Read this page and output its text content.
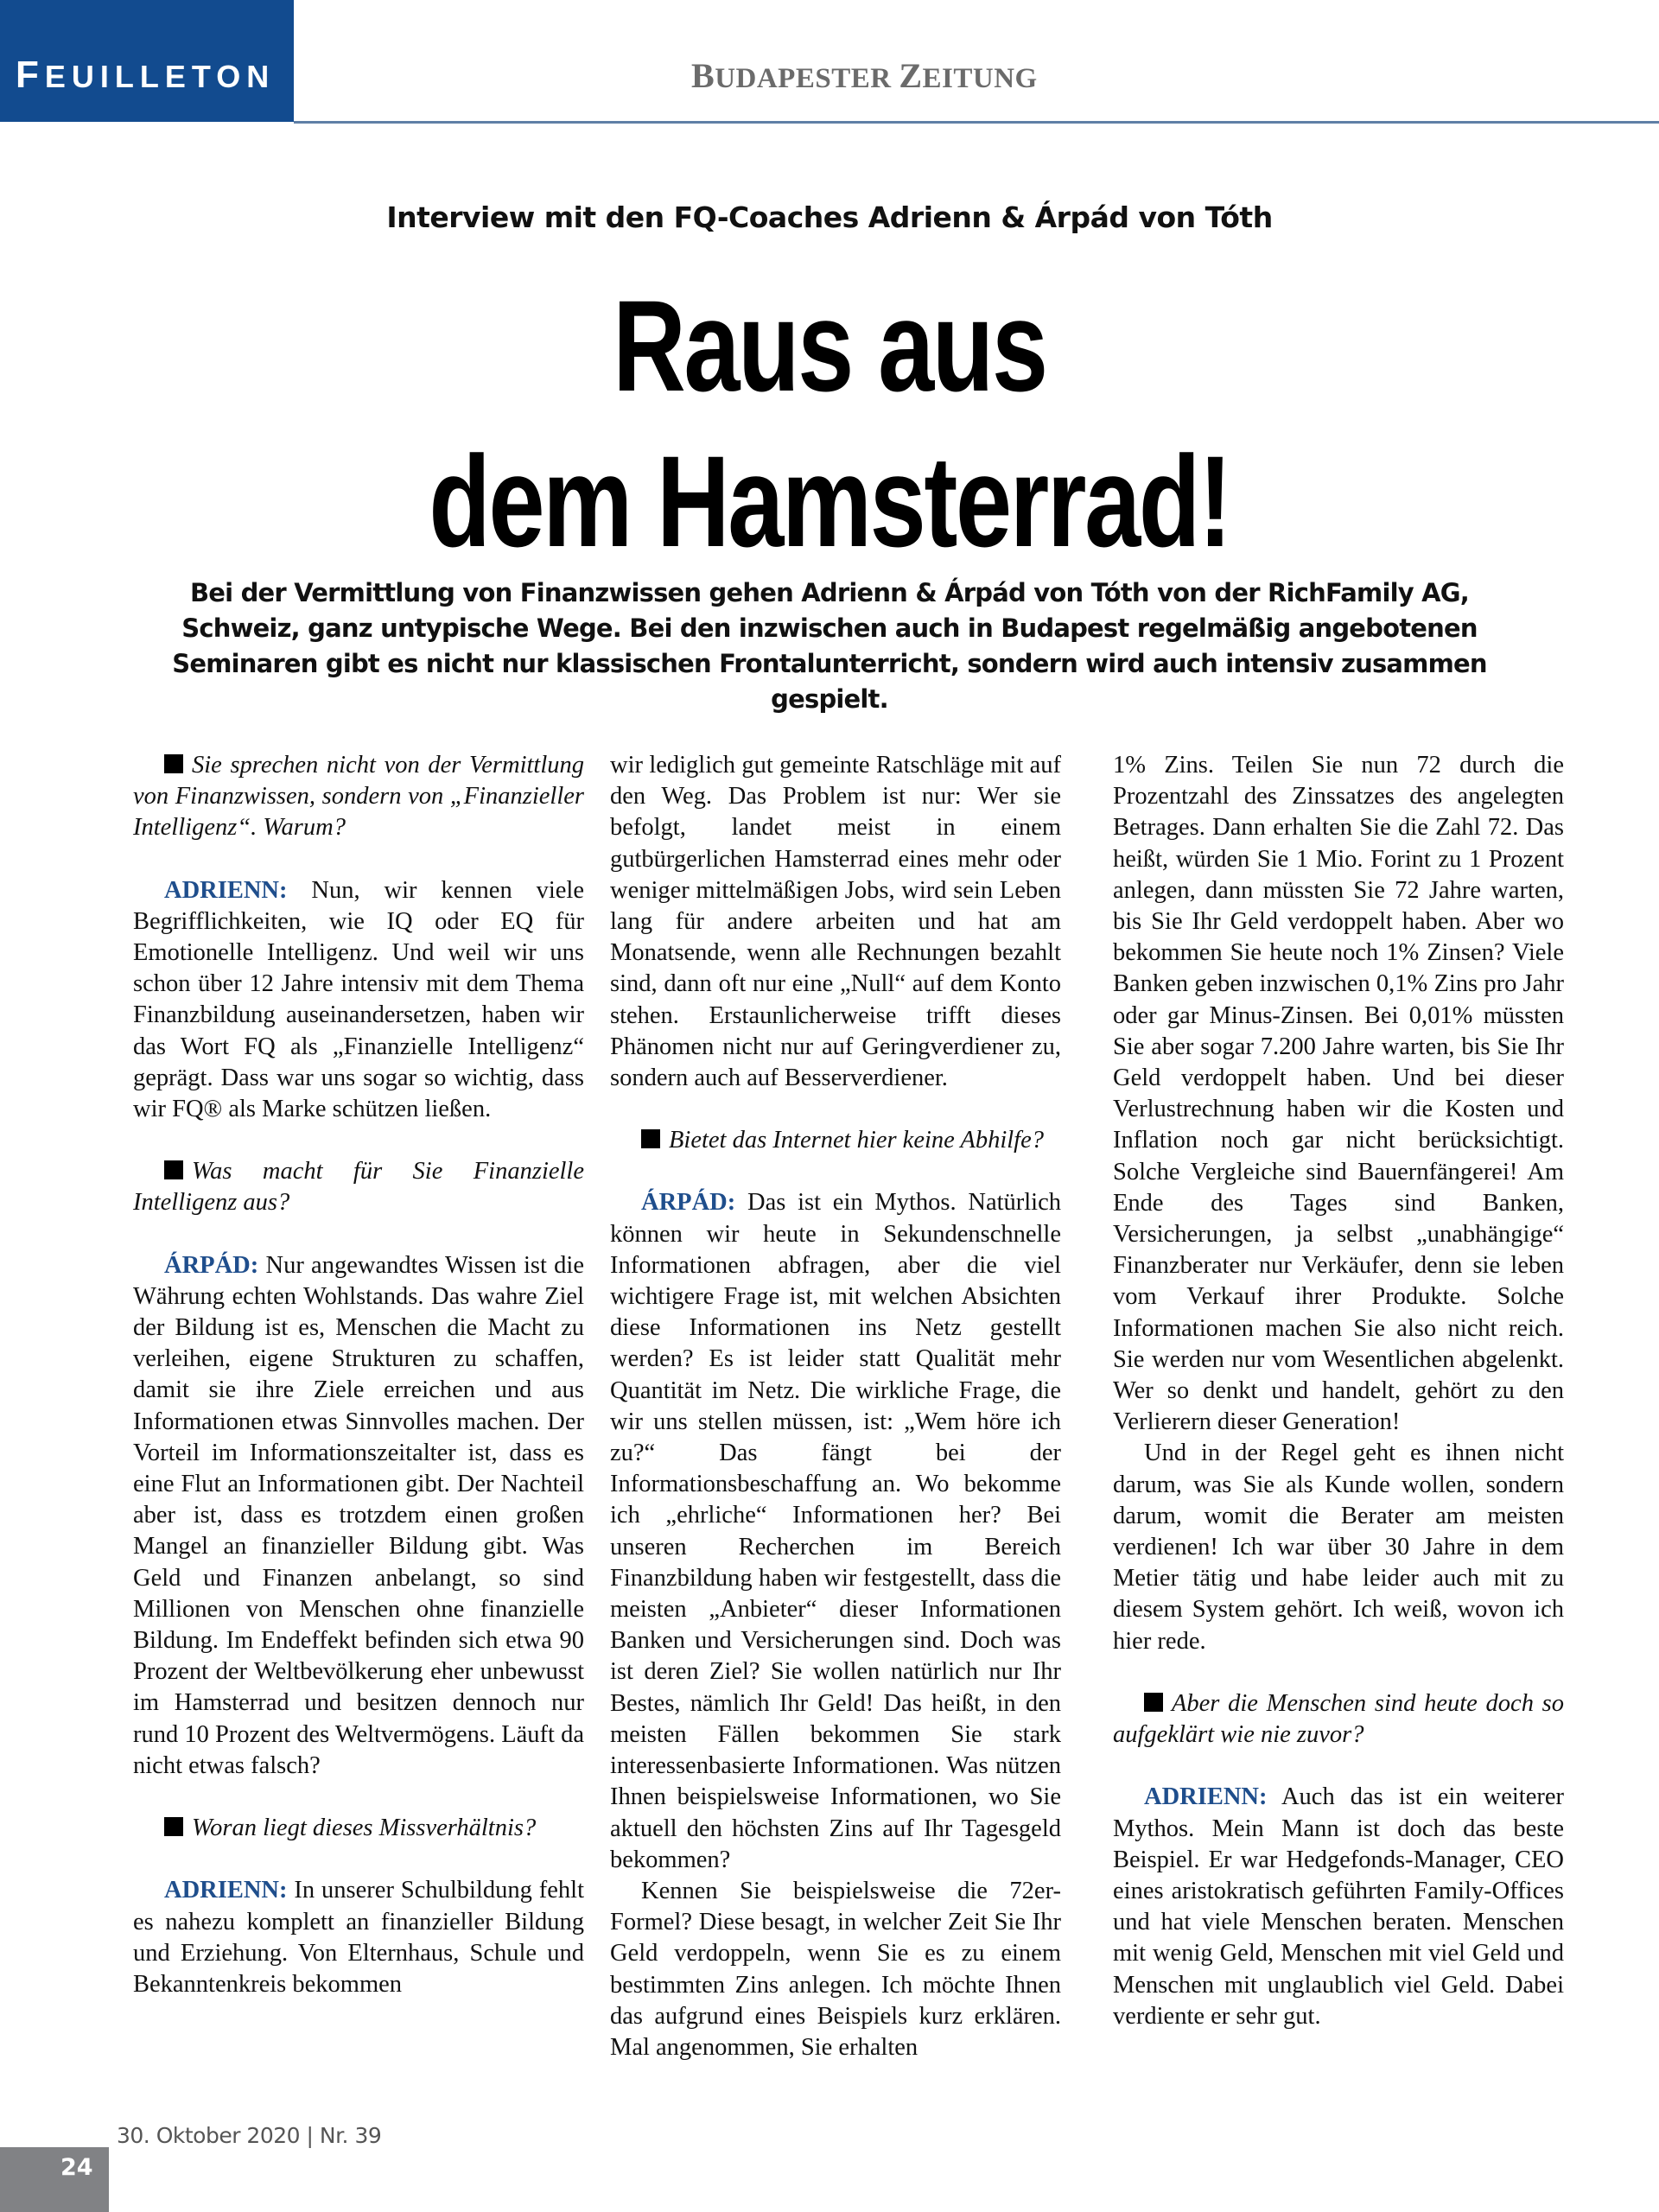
FEUILLETON	BUDAPESTER ZEITUNG
Interview mit den FQ-Coaches Adrienn & Árpád von Tóth
Raus aus
dem Hamsterrad!
Bei der Vermittlung von Finanzwissen gehen Adrienn & Árpád von Tóth von der RichFamily AG,
Schweiz, ganz untypische Wege. Bei den inzwischen auch in Budapest regelmäßig angebotenen
Seminaren gibt es nicht nur klassischen Frontalunterricht, sondern wird auch intensiv zusammen gespielt.

Sie sprechen nicht von der Vermittlung von Finanzwissen, sondern von „Finanzieller Intelligenz“. Warum?

ADRIENN: Nun, wir kennen viele Begrifflichkeiten, wie IQ oder EQ für Emotionelle Intelligenz. Und weil wir uns schon über 12 Jahre intensiv mit dem Thema Finanzbildung auseinandersetzen, haben wir das Wort FQ als „Finanzielle Intelligenz“ geprägt. Dass war uns sogar so wichtig, dass wir FQ® als Marke schützen ließen.

Was macht für Sie Finanzielle Intelligenz aus?

ÁRPÁD: Nur angewandtes Wissen ist die Währung echten Wohlstands. Das wahre Ziel der Bildung ist es, Menschen die Macht zu verleihen, eigene Strukturen zu schaffen, damit sie ihre Ziele erreichen und aus Informationen etwas Sinnvolles machen. Der Vorteil im Informationszeitalter ist, dass es eine Flut an Informationen gibt. Der Nachteil aber ist, dass es trotzdem einen großen Mangel an finanzieller Bildung gibt. Was Geld und Finanzen anbelangt, so sind Millionen von Menschen ohne finanzielle Bildung. Im Endeffekt befinden sich etwa 90 Prozent der Weltbevölkerung eher unbewusst im Hamsterrad und besitzen dennoch nur rund 10 Prozent des Weltvermögens. Läuft da nicht etwas falsch?

Woran liegt dieses Missverhältnis?

ADRIENN: In unserer Schulbildung fehlt es nahezu komplett an finanzieller Bildung und Erziehung. Von Elternhaus, Schule und Bekanntenkreis bekommen

wir lediglich gut gemeinte Ratschläge mit auf den Weg. Das Problem ist nur: Wer sie befolgt, landet meist in einem gutbürgerlichen Hamsterrad eines mehr oder weniger mittelmäßigen Jobs, wird sein Leben lang für andere arbeiten und hat am Monatsende, wenn alle Rechnungen bezahlt sind, dann oft nur eine „Null“ auf dem Konto stehen. Erstaunlicherweise trifft dieses Phänomen nicht nur auf Geringverdiener zu, sondern auch auf Besserverdiener.

Bietet das Internet hier keine Abhilfe?

ÁRPÁD: Das ist ein Mythos. Natürlich können wir heute in Sekundenschnelle Informationen abfragen, aber die viel wichtigere Frage ist, mit welchen Absichten diese Informationen ins Netz gestellt werden? Es ist leider statt Qualität mehr Quantität im Netz. Die wirkliche Frage, die wir uns stellen müssen, ist: „Wem höre ich zu?“ Das fängt bei der Informationsbeschaffung an. Wo bekomme ich „ehrliche“ Informationen her? Bei unseren Recherchen im Bereich Finanzbildung haben wir festgestellt, dass die meisten „Anbieter“ dieser Informationen Banken und Versicherungen sind. Doch was ist deren Ziel? Sie wollen natürlich nur Ihr Bestes, nämlich Ihr Geld! Das heißt, in den meisten Fällen bekommen Sie stark interessenbasierte Informationen. Was nützen Ihnen beispielsweise Informationen, wo Sie aktuell den höchsten Zins auf Ihr Tagesgeld bekommen?

Kennen Sie beispielsweise die 72er-Formel? Diese besagt, in welcher Zeit Sie Ihr Geld verdoppeln, wenn Sie es zu einem bestimmten Zins anlegen. Ich möchte Ihnen das aufgrund eines Beispiels kurz erklären. Mal angenommen, Sie erhalten

1% Zins. Teilen Sie nun 72 durch die Prozentzahl des Zinssatzes des angelegten Betrages. Dann erhalten Sie die Zahl 72. Das heißt, würden Sie 1 Mio. Forint zu 1 Prozent anlegen, dann müssten Sie 72 Jahre warten, bis Sie Ihr Geld verdoppelt haben. Aber wo bekommen Sie heute noch 1% Zinsen? Viele Banken geben inzwischen 0,1% Zins pro Jahr oder gar Minus-Zinsen. Bei 0,01% müssten Sie aber sogar 7.200 Jahre warten, bis Sie Ihr Geld verdoppelt haben. Und bei dieser Verlustrechnung haben wir die Kosten und Inflation noch gar nicht berücksichtigt. Solche Vergleiche sind Bauernfängerei! Am Ende des Tages sind Banken, Versicherungen, ja selbst „unabhängige“ Finanzberater nur Verkäufer, denn sie leben vom Verkauf ihrer Produkte. Solche Informationen machen Sie also nicht reich. Sie werden nur vom Wesentlichen abgelenkt. Wer so denkt und handelt, gehört zu den Verlierern dieser Generation!

Und in der Regel geht es ihnen nicht darum, was Sie als Kunde wollen, sondern darum, womit die Berater am meisten verdienen! Ich war über 30 Jahre in dem Metier tätig und habe leider auch mit zu diesem System gehört. Ich weiß, wovon ich hier rede.

Aber die Menschen sind heute doch so aufgeklärt wie nie zuvor?

ADRIENN: Auch das ist ein weiterer Mythos. Mein Mann ist doch das beste Beispiel. Er war Hedgefonds-Manager, CEO eines aristokratisch geführten Family-Offices und hat viele Menschen beraten. Menschen mit wenig Geld, Menschen mit viel Geld und Menschen mit unglaublich viel Geld. Dabei verdiente er sehr gut.

30. Oktober 2020 | Nr. 39
24
